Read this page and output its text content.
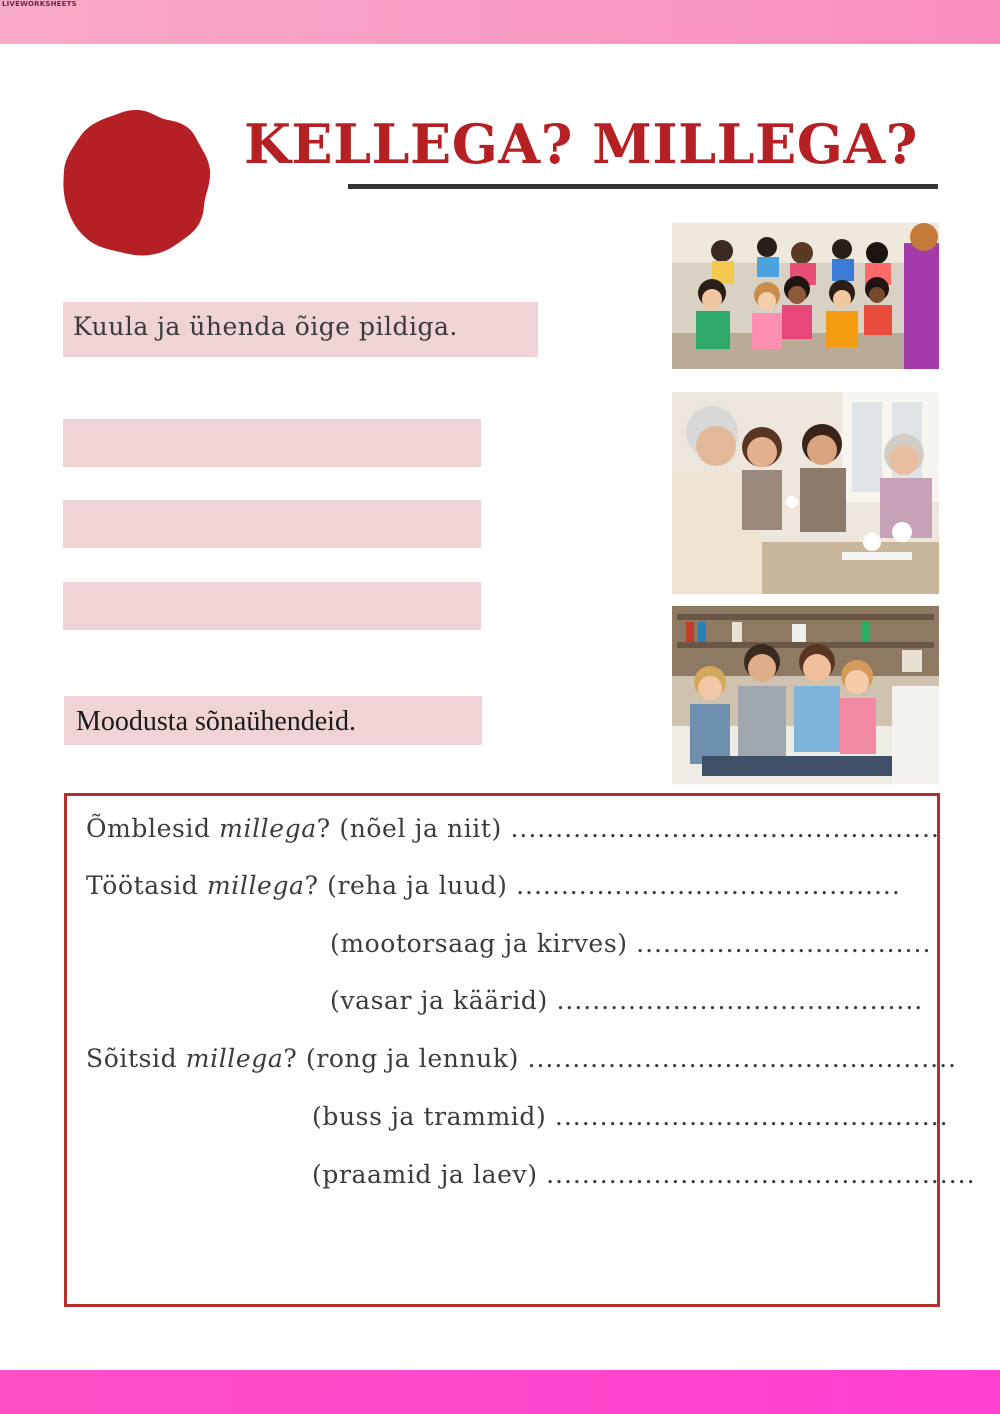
LIVEWORKSHEETS
KELLEGA? MILLEGA?
Kuula ja ühenda õige pildiga.
Moodusta sõnaühendeid.
Õmblesid millega? (nõel ja niit) ................................................
Töötasid millega? (reha ja luud) ...........................................
(mootorsaag ja kirves) .................................
(vasar ja käärid) .........................................
Sõitsid millega? (rong ja lennuk) ................................................
(buss ja trammid) ............................................
(praamid ja laev) ................................................
